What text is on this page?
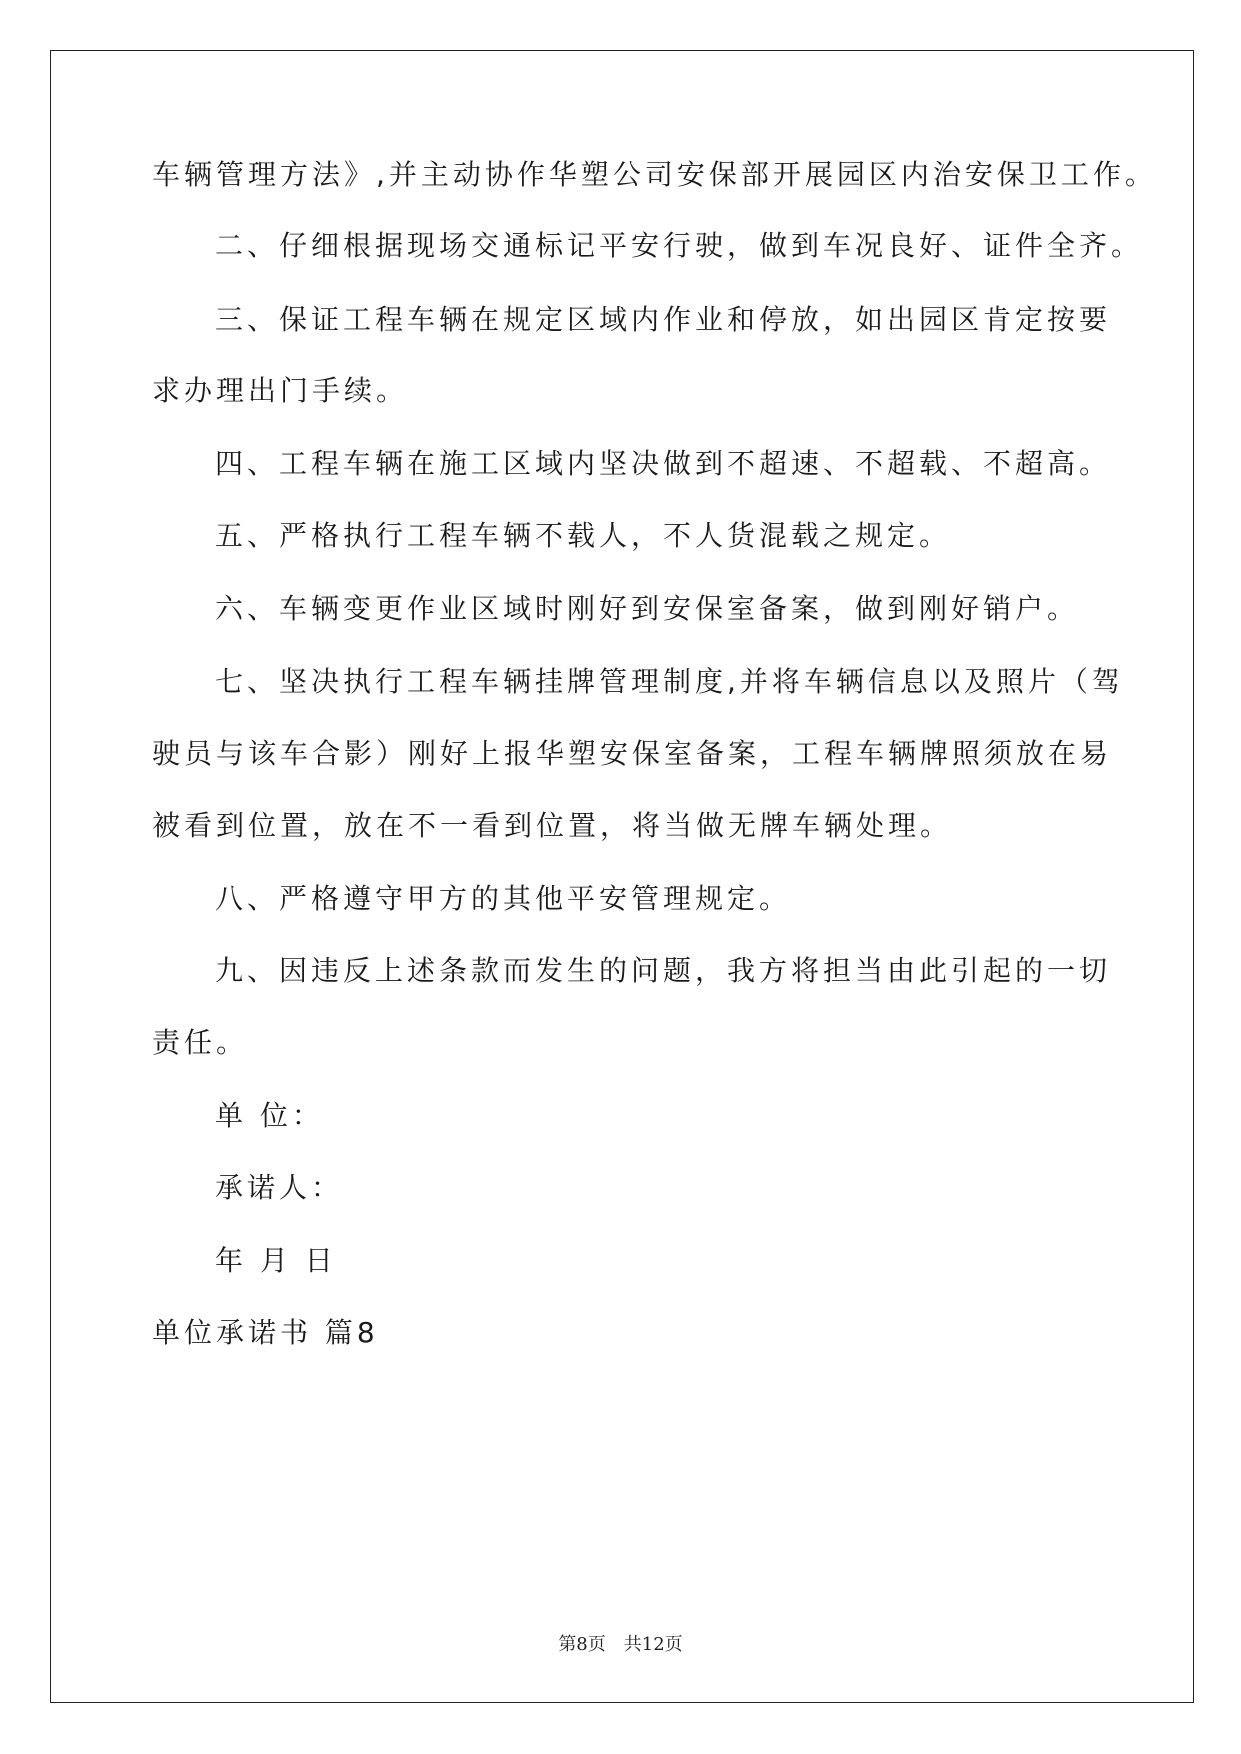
车辆管理方法》,并主动协作华塑公司安保部开展园区内治安保卫工作。

二、仔细根据现场交通标记平安行驶，做到车况良好、证件全齐。

三、保证工程车辆在规定区域内作业和停放，如出园区肯定按要

求办理出门手续。

四、工程车辆在施工区域内坚决做到不超速、不超载、不超高。

五、严格执行工程车辆不载人，不人货混载之规定。

六、车辆变更作业区域时刚好到安保室备案，做到刚好销户。

七、坚决执行工程车辆挂牌管理制度,并将车辆信息以及照片（驾

驶员与该车合影）刚好上报华塑安保室备案，工程车辆牌照须放在易

被看到位置，放在不一看到位置，将当做无牌车辆处理。

八、严格遵守甲方的其他平安管理规定。

九、因违反上述条款而发生的问题，我方将担当由此引起的一切

责任。

单 位：

承诺人：

年 月 日

单位承诺书 篇8

第8页 共12页
